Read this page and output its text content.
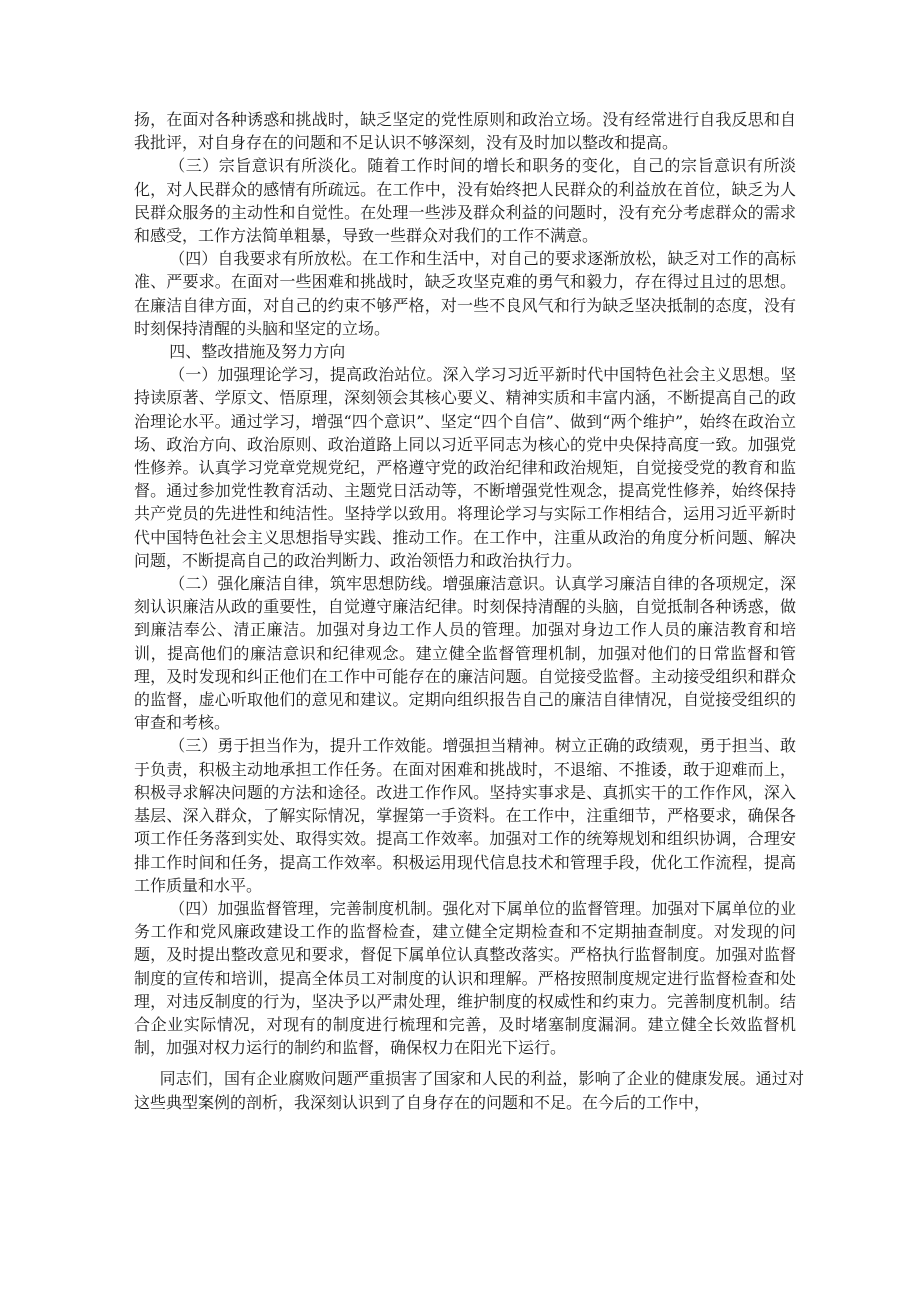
扬，在面对各种诱惑和挑战时，缺乏坚定的党性原则和政治立场。没有经常进行自我反思和自我批评，对自身存在的问题和不足认识不够深刻，没有及时加以整改和提高。

（三）宗旨意识有所淡化。随着工作时间的增长和职务的变化，自己的宗旨意识有所淡化，对人民群众的感情有所疏远。在工作中，没有始终把人民群众的利益放在首位，缺乏为人民群众服务的主动性和自觉性。在处理一些涉及群众利益的问题时，没有充分考虑群众的需求和感受，工作方法简单粗暴，导致一些群众对我们的工作不满意。

（四）自我要求有所放松。在工作和生活中，对自己的要求逐渐放松，缺乏对工作的高标准、严要求。在面对一些困难和挑战时，缺乏攻坚克难的勇气和毅力，存在得过且过的思想。在廉洁自律方面，对自己的约束不够严格，对一些不良风气和行为缺乏坚决抵制的态度，没有时刻保持清醒的头脑和坚定的立场。

四、整改措施及努力方向

（一）加强理论学习，提高政治站位。深入学习习近平新时代中国特色社会主义思想。坚持读原著、学原文、悟原理，深刻领会其核心要义、精神实质和丰富内涵，不断提高自己的政治理论水平。通过学习，增强“四个意识”、坚定“四个自信”、做到“两个维护”，始终在政治立场、政治方向、政治原则、政治道路上同以习近平同志为核心的党中央保持高度一致。加强党性修养。认真学习党章党规党纪，严格遵守党的政治纪律和政治规矩，自觉接受党的教育和监督。通过参加党性教育活动、主题党日活动等，不断增强党性观念，提高党性修养，始终保持共产党员的先进性和纯洁性。坚持学以致用。将理论学习与实际工作相结合，运用习近平新时代中国特色社会主义思想指导实践、推动工作。在工作中，注重从政治的角度分析问题、解决问题，不断提高自己的政治判断力、政治领悟力和政治执行力。

（二）强化廉洁自律，筑牢思想防线。增强廉洁意识。认真学习廉洁自律的各项规定，深刻认识廉洁从政的重要性，自觉遵守廉洁纪律。时刻保持清醒的头脑，自觉抵制各种诱惑，做到廉洁奉公、清正廉洁。加强对身边工作人员的管理。加强对身边工作人员的廉洁教育和培训，提高他们的廉洁意识和纪律观念。建立健全监督管理机制，加强对他们的日常监督和管理，及时发现和纠正他们在工作中可能存在的廉洁问题。自觉接受监督。主动接受组织和群众的监督，虚心听取他们的意见和建议。定期向组织报告自己的廉洁自律情况，自觉接受组织的审查和考核。

（三）勇于担当作为，提升工作效能。增强担当精神。树立正确的政绩观，勇于担当、敢于负责，积极主动地承担工作任务。在面对困难和挑战时，不退缩、不推诿，敢于迎难而上，积极寻求解决问题的方法和途径。改进工作作风。坚持实事求是、真抓实干的工作作风，深入基层、深入群众，了解实际情况，掌握第一手资料。在工作中，注重细节，严格要求，确保各项工作任务落到实处、取得实效。提高工作效率。加强对工作的统筹规划和组织协调，合理安排工作时间和任务，提高工作效率。积极运用现代信息技术和管理手段，优化工作流程，提高工作质量和水平。

（四）加强监督管理，完善制度机制。强化对下属单位的监督管理。加强对下属单位的业务工作和党风廉政建设工作的监督检查，建立健全定期检查和不定期抽查制度。对发现的问题，及时提出整改意见和要求，督促下属单位认真整改落实。严格执行监督制度。加强对监督制度的宣传和培训，提高全体员工对制度的认识和理解。严格按照制度规定进行监督检查和处理，对违反制度的行为，坚决予以严肃处理，维护制度的权威性和约束力。完善制度机制。结合企业实际情况，对现有的制度进行梳理和完善，及时堵塞制度漏洞。建立健全长效监督机制，加强对权力运行的制约和监督，确保权力在阳光下运行。

同志们，国有企业腐败问题严重损害了国家和人民的利益，影响了企业的健康发展。通过对这些典型案例的剖析，我深刻认识到了自身存在的问题和不足。在今后的工作中，
